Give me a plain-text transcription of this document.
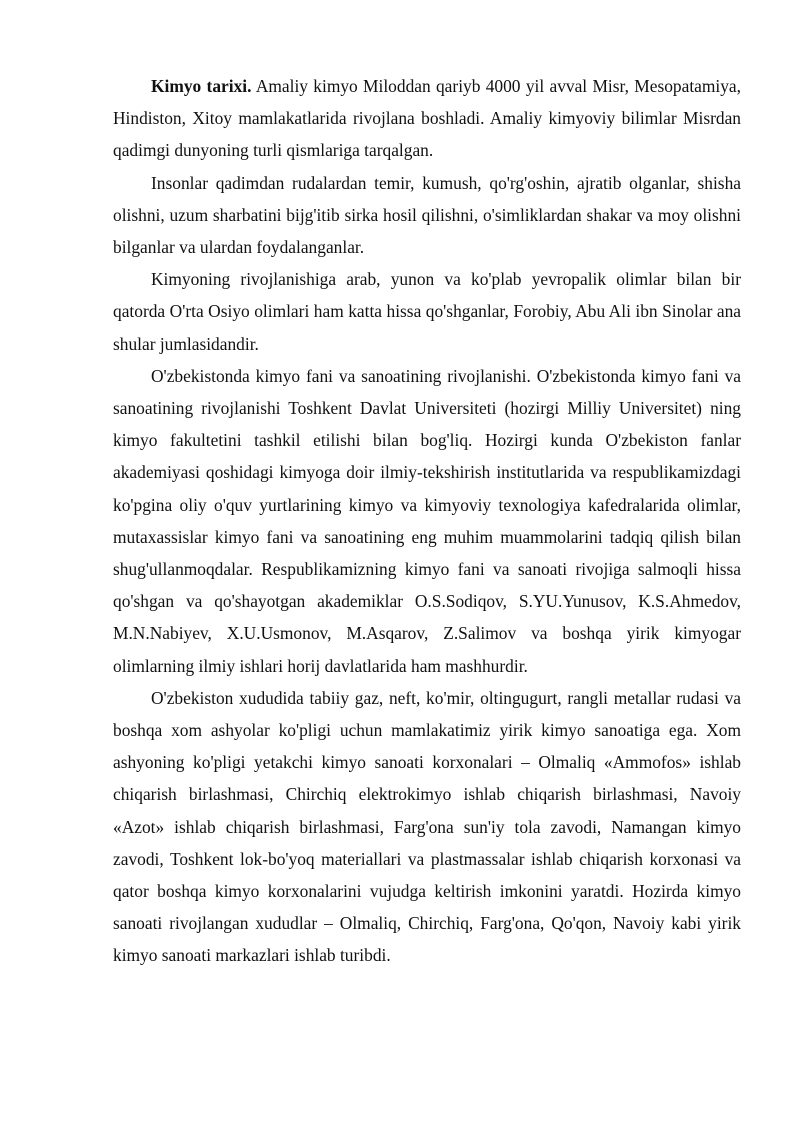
Kimyo tarixi. Amaliy kimyo Miloddan qariyb 4000 yil avval Misr, Mesopatamiya, Hindiston, Xitoy mamlakatlarida rivojlana boshladi. Amaliy kimyoviy bilimlar Misrdan qadimgi dunyoning turli qismlariga tarqalgan.

Insonlar qadimdan rudalardan temir, kumush, qo'rg'oshin, ajratib olganlar, shisha olishni, uzum sharbatini bijg'itib sirka hosil qilishni, o'simliklardan shakar va moy olishni bilganlar va ulardan foydalanganlar.

Kimyoning rivojlanishiga arab, yunon va ko'plab yevropalik olimlar bilan bir qatorda O'rta Osiyo olimlari ham katta hissa qo'shganlar, Forobiy, Abu Ali ibn Sinolar ana shular jumlasidandir.

O'zbekistonda kimyo fani va sanoatining rivojlanishi. O'zbekistonda kimyo fani va sanoatining rivojlanishi Toshkent Davlat Universiteti (hozirgi Milliy Universitet) ning kimyo fakultetini tashkil etilishi bilan bog'liq. Hozirgi kunda O'zbekiston fanlar akademiyasi qoshidagi kimyoga doir ilmiy-tekshirish institutlarida va respublikamizdagi ko'pgina oliy o'quv yurtlarining kimyo va kimyoviy texnologiya kafedralarida olimlar, mutaxassislar kimyo fani va sanoatining eng muhim muammolarini tadqiq qilish bilan shug'ullanmoqdalar. Respublikamizning kimyo fani va sanoati rivojiga salmoqli hissa qo'shgan va qo'shayotgan akademiklar O.S.Sodiqov, S.YU.Yunusov, K.S.Ahmedov, M.N.Nabiyev, X.U.Usmonov, M.Asqarov, Z.Salimov va boshqa yirik kimyogar olimlarning ilmiy ishlari horij davlatlarida ham mashhurdir.

O'zbekiston xududida tabiiy gaz, neft, ko'mir, oltingugurt, rangli metallar rudasi va boshqa xom ashyolar ko'pligi uchun mamlakatimiz yirik kimyo sanoatiga ega. Xom ashyoning ko'pligi yetakchi kimyo sanoati korxonalari – Olmaliq «Ammofos» ishlab chiqarish birlashmasi, Chirchiq elektrokimyo ishlab chiqarish birlashmasi, Navoiy «Azot» ishlab chiqarish birlashmasi, Farg'ona sun'iy tola zavodi, Namangan kimyo zavodi, Toshkent lok-bo'yoq materiallari va plastmassalar ishlab chiqarish korxonasi va qator boshqa kimyo korxonalarini vujudga keltirish imkonini yaratdi. Hozirda kimyo sanoati rivojlangan xududlar – Olmaliq, Chirchiq, Farg'ona, Qo'qon, Navoiy kabi yirik kimyo sanoati markazlari ishlab turibdi.
